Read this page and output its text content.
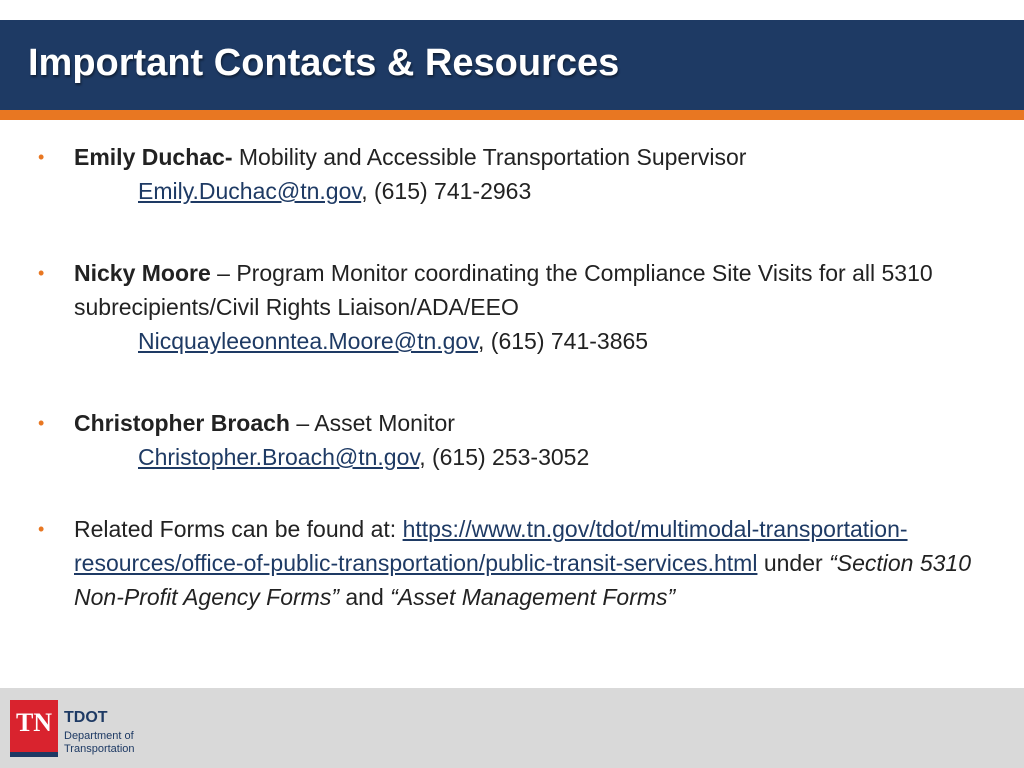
Important Contacts & Resources
• Emily Duchac- Mobility and Accessible Transportation Supervisor
Emily.Duchac@tn.gov, (615) 741-2963
• Nicky Moore – Program Monitor coordinating the Compliance Site Visits for all 5310 subrecipients/Civil Rights Liaison/ADA/EEO
Nicquayleeonntea.Moore@tn.gov, (615) 741-3865
• Christopher Broach – Asset Monitor
Christopher.Broach@tn.gov, (615) 253-3052
• Related Forms can be found at: https://www.tn.gov/tdot/multimodal-transportation-resources/office-of-public-transportation/public-transit-services.html under “Section 5310 Non-Profit Agency Forms” and “Asset Management Forms”
TN TDOT
Department of Transportation
